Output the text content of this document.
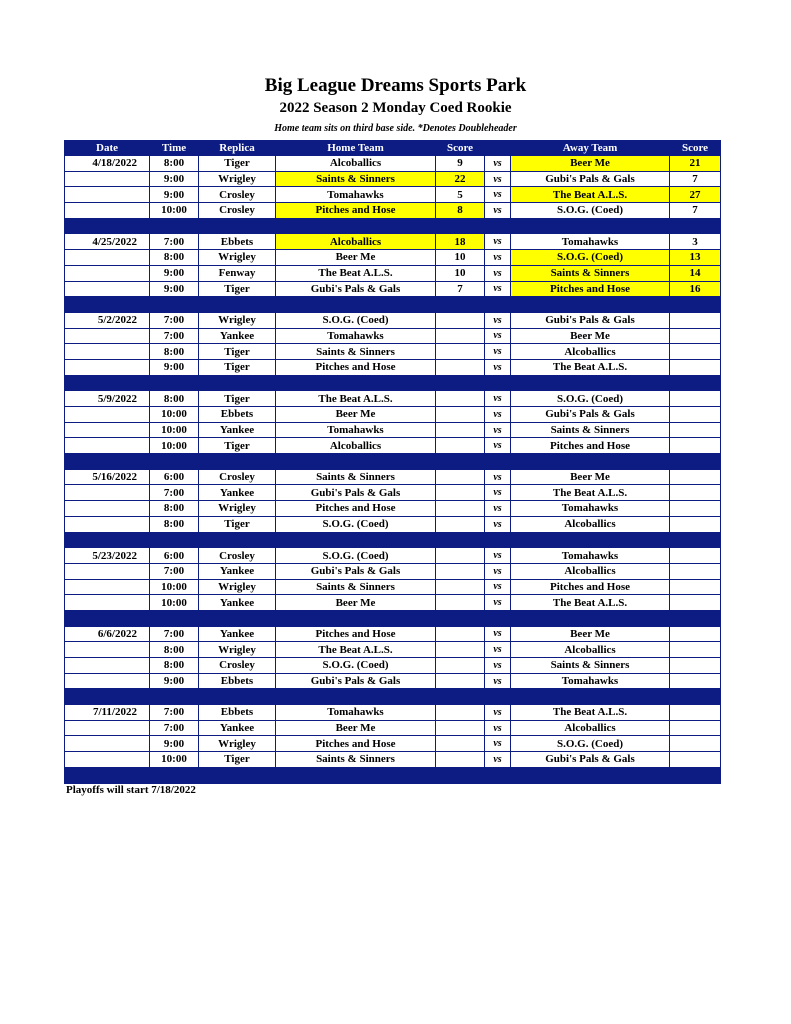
Big League Dreams Sports Park
2022 Season 2 Monday Coed Rookie
Home team sits on third base side. *Denotes Doubleheader
Date	Time	Replica	Home Team	Score		Away Team	Score
4/18/2022	8:00	Tiger	Alcoballics	9	vs	Beer Me	21
	9:00	Wrigley	Saints & Sinners	22	vs	Gubi's Pals & Gals	7
	9:00	Crosley	Tomahawks	5	vs	The Beat A.L.S.	27
	10:00	Crosley	Pitches and Hose	8	vs	S.O.G. (Coed)	7

4/25/2022	7:00	Ebbets	Alcoballics	18	vs	Tomahawks	3
	8:00	Wrigley	Beer Me	10	vs	S.O.G. (Coed)	13
	9:00	Fenway	The Beat A.L.S.	10	vs	Saints & Sinners	14
	9:00	Tiger	Gubi's Pals & Gals	7	vs	Pitches and Hose	16

5/2/2022	7:00	Wrigley	S.O.G. (Coed)		vs	Gubi's Pals & Gals	
	7:00	Yankee	Tomahawks		vs	Beer Me	
	8:00	Tiger	Saints & Sinners		vs	Alcoballics	
	9:00	Tiger	Pitches and Hose		vs	The Beat A.L.S.	

5/9/2022	8:00	Tiger	The Beat A.L.S.		vs	S.O.G. (Coed)	
	10:00	Ebbets	Beer Me		vs	Gubi's Pals & Gals	
	10:00	Yankee	Tomahawks		vs	Saints & Sinners	
	10:00	Tiger	Alcoballics		vs	Pitches and Hose	

5/16/2022	6:00	Crosley	Saints & Sinners		vs	Beer Me	
	7:00	Yankee	Gubi's Pals & Gals		vs	The Beat A.L.S.	
	8:00	Wrigley	Pitches and Hose		vs	Tomahawks	
	8:00	Tiger	S.O.G. (Coed)		vs	Alcoballics	

5/23/2022	6:00	Crosley	S.O.G. (Coed)		vs	Tomahawks	
	7:00	Yankee	Gubi's Pals & Gals		vs	Alcoballics	
	10:00	Wrigley	Saints & Sinners		vs	Pitches and Hose	
	10:00	Yankee	Beer Me		vs	The Beat A.L.S.	

6/6/2022	7:00	Yankee	Pitches and Hose		vs	Beer Me	
	8:00	Wrigley	The Beat A.L.S.		vs	Alcoballics	
	8:00	Crosley	S.O.G. (Coed)		vs	Saints & Sinners	
	9:00	Ebbets	Gubi's Pals & Gals		vs	Tomahawks	

7/11/2022	7:00	Ebbets	Tomahawks		vs	The Beat A.L.S.	
	7:00	Yankee	Beer Me		vs	Alcoballics	
	9:00	Wrigley	Pitches and Hose		vs	S.O.G. (Coed)	
	10:00	Tiger	Saints & Sinners		vs	Gubi's Pals & Gals	

Playoffs will start 7/18/2022
